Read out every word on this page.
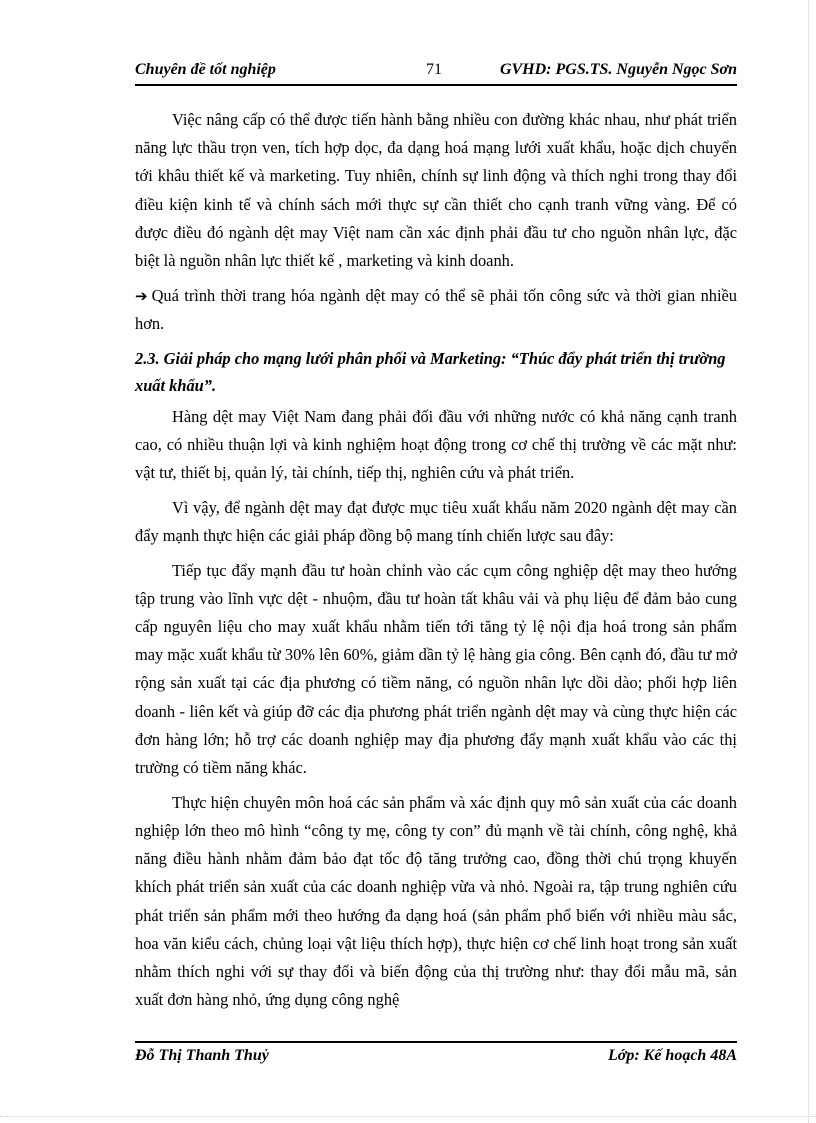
Chuyên đề tốt nghiệp	71	GVHD: PGS.TS. Nguyễn Ngọc Sơn

Việc nâng cấp có thể được tiến hành bằng nhiều con đường khác nhau, như phát triển năng lực thầu trọn ven, tích hợp dọc, đa dạng hoá mạng lưới xuất khẩu, hoặc dịch chuyển tới khâu thiết kế và marketing. Tuy nhiên, chính sự linh động và thích nghi trong thay đổi điều kiện kinh tế và chính sách mới thực sự cần thiết cho cạnh tranh vững vàng. Để có được điều đó ngành dệt may Việt nam cần xác định phải đầu tư cho nguồn nhân lực, đặc biệt là nguồn nhân lực thiết kế , marketing và kinh doanh.

➔ Quá trình thời trang hóa ngành dệt may có thể sẽ phải tốn công sức và thời gian nhiều hơn.

2.3. Giải pháp cho mạng lưới phân phối và Marketing: “Thúc đẩy phát triển thị trường xuất khẩu”.

Hàng dệt may Việt Nam đang phải đối đầu với những nước có khả năng cạnh tranh cao, có nhiều thuận lợi và kinh nghiệm hoạt động trong cơ chế thị trường về các mặt như: vật tư, thiết bị, quản lý, tài chính, tiếp thị, nghiên cứu và phát triển.

Vì vậy, để ngành dệt may đạt được mục tiêu xuất khẩu năm 2020 ngành dệt may cần đẩy mạnh thực hiện các giải pháp đồng bộ mang tính chiến lược sau đây:

Tiếp tục đẩy mạnh đầu tư hoàn chỉnh vào các cụm công nghiệp dệt may theo hướng tập trung vào lĩnh vực dệt - nhuộm, đầu tư hoàn tất khâu vải và phụ liệu để đảm bảo cung cấp nguyên liệu cho may xuất khẩu nhằm tiến tới tăng tỷ lệ nội địa hoá trong sản phẩm may mặc xuất khẩu từ 30% lên 60%, giảm dần tỷ lệ hàng gia công. Bên cạnh đó, đầu tư mở rộng sản xuất tại các địa phương có tiềm năng, có nguồn nhân lực dồi dào; phối hợp liên doanh - liên kết và giúp đỡ các địa phương phát triển ngành dệt may và cùng thực hiện các đơn hàng lớn; hỗ trợ các doanh nghiệp may địa phương đẩy mạnh xuất khẩu vào các thị trường có tiềm năng khác.

Thực hiện chuyên môn hoá các sản phẩm và xác định quy mô sản xuất của các doanh nghiệp lớn theo mô hình “công ty mẹ, công ty con” đủ mạnh về tài chính, công nghệ, khả năng điều hành nhằm đảm bảo đạt tốc độ tăng trưởng cao, đồng thời chú trọng khuyến khích phát triển sản xuất của các doanh nghiệp vừa và nhỏ. Ngoài ra, tập trung nghiên cứu phát triển sản phẩm mới theo hướng đa dạng hoá (sản phẩm phổ biến với nhiều màu sắc, hoa văn kiểu cách, chủng loại vật liệu thích hợp), thực hiện cơ chế linh hoạt trong sản xuất nhằm thích nghi với sự thay đổi và biến động của thị trường như: thay đổi mẫu mã, sản xuất đơn hàng nhỏ, ứng dụng công nghệ

Đỗ Thị Thanh Thuỷ	Lớp: Kế hoạch 48A
